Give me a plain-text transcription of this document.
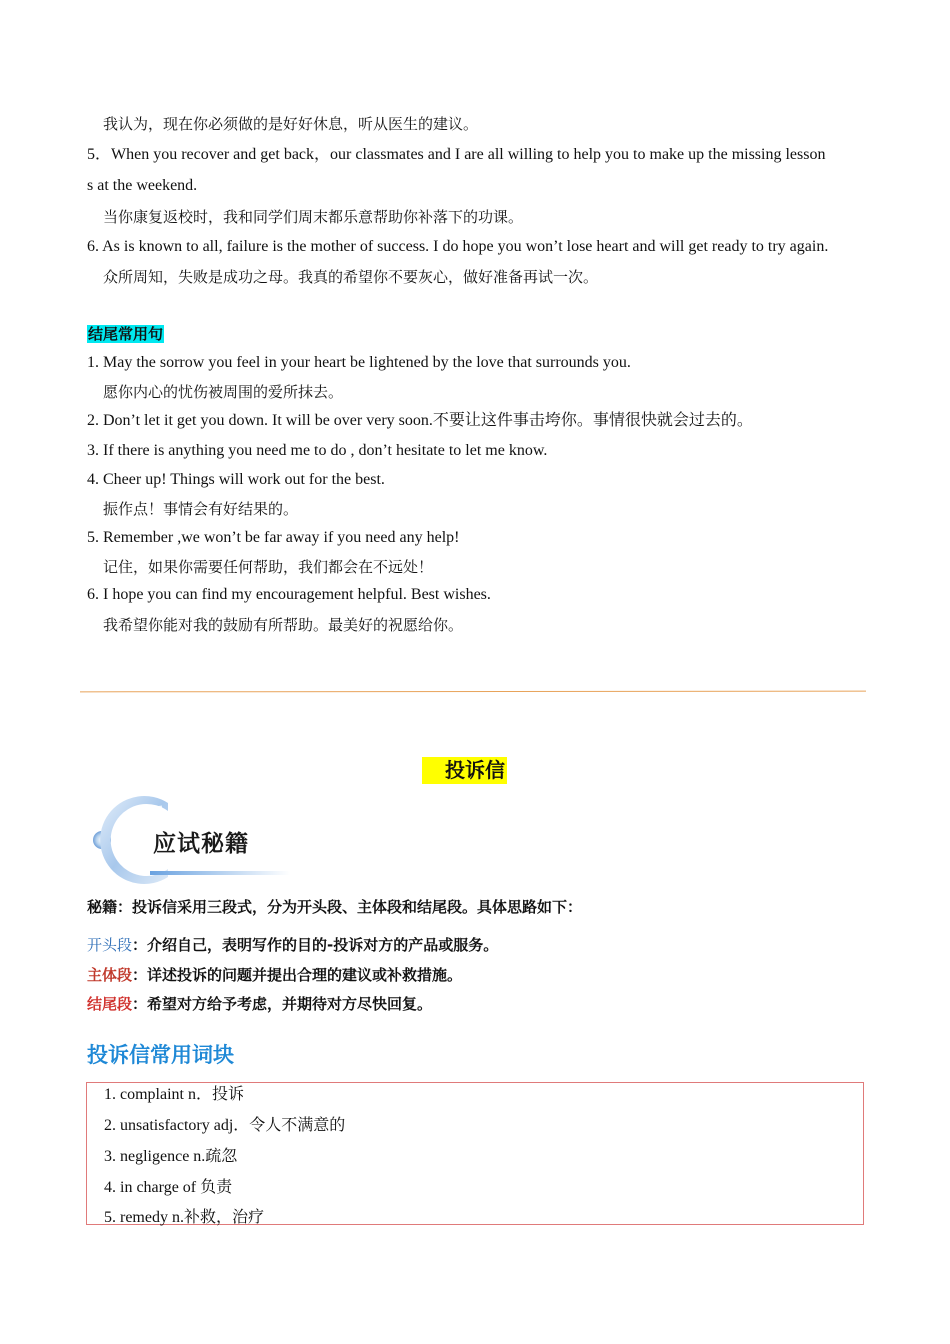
我认为，现在你必须做的是好好休息，听从医生的建议。
5．When you recover and get back，our classmates and I are all willing to help you to make up the missing lesson
s at the weekend.
当你康复返校时，我和同学们周末都乐意帮助你补落下的功课。
6. As is known to all, failure is the mother of success. I do hope you won’t lose heart and will get ready to try again.
众所周知，失败是成功之母。我真的希望你不要灰心，做好准备再试一次。
结尾常用句
1. May the sorrow you feel in your heart be lightened by the love that surrounds you.
愿你内心的忧伤被周围的爱所抹去。
2. Don’t let it get you down. It will be over very soon.不要让这件事击垮你。事情很快就会过去的。
3. If there is anything you need me to do , don’t hesitate to let me know.
4. Cheer up! Things will work out for the best.
振作点！事情会有好结果的。
5. Remember ,we won’t be far away if you need any help!
记住，如果你需要任何帮助，我们都会在不远处！
6. I hope you can find my encouragement helpful. Best wishes.
我希望你能对我的鼓励有所帮助。最美好的祝愿给你。
投诉信
应试秘籍
秘籍：投诉信采用三段式，分为开头段、主体段和结尾段。具体思路如下：
开头段：介绍自己，表明写作的目的-投诉对方的产品或服务。
主体段：详述投诉的问题并提出合理的建议或补救措施。
结尾段：希望对方给予考虑，并期待对方尽快回复。
投诉信常用词块
1. complaint n．投诉
2. unsatisfactory adj．令人不满意的
3. negligence n.疏忽
4. in charge of 负责
5. remedy n.补救，治疗
